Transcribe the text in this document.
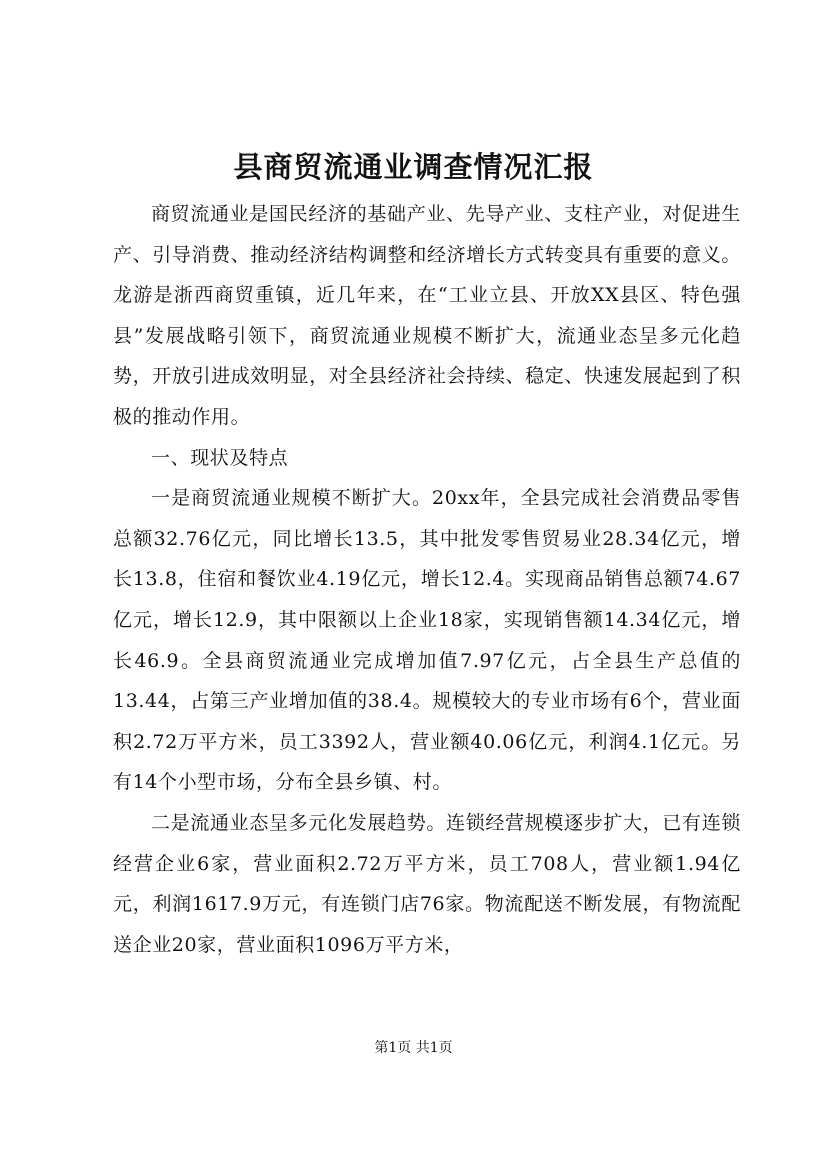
县商贸流通业调查情况汇报

商贸流通业是国民经济的基础产业、先导产业、支柱产业，对促进生产、引导消费、推动经济结构调整和经济增长方式转变具有重要的意义。龙游是浙西商贸重镇，近几年来，在“工业立县、开放XX县区、特色强县”发展战略引领下，商贸流通业规模不断扩大，流通业态呈多元化趋势，开放引进成效明显，对全县经济社会持续、稳定、快速发展起到了积极的推动作用。

一、现状及特点

一是商贸流通业规模不断扩大。20xx年，全县完成社会消费品零售总额32.76亿元，同比增长13.5，其中批发零售贸易业28.34亿元，增长13.8，住宿和餐饮业4.19亿元，增长12.4。实现商品销售总额74.67亿元，增长12.9，其中限额以上企业18家，实现销售额14.34亿元，增长46.9。全县商贸流通业完成增加值7.97亿元，占全县生产总值的13.44，占第三产业增加值的38.4。规模较大的专业市场有6个，营业面积2.72万平方米，员工3392人，营业额40.06亿元，利润4.1亿元。另有14个小型市场，分布全县乡镇、村。

二是流通业态呈多元化发展趋势。连锁经营规模逐步扩大，已有连锁经营企业6家，营业面积2.72万平方米，员工708人，营业额1.94亿元，利润1617.9万元，有连锁门店76家。物流配送不断发展，有物流配送企业20家，营业面积1096万平方米，

第1页 共1页
